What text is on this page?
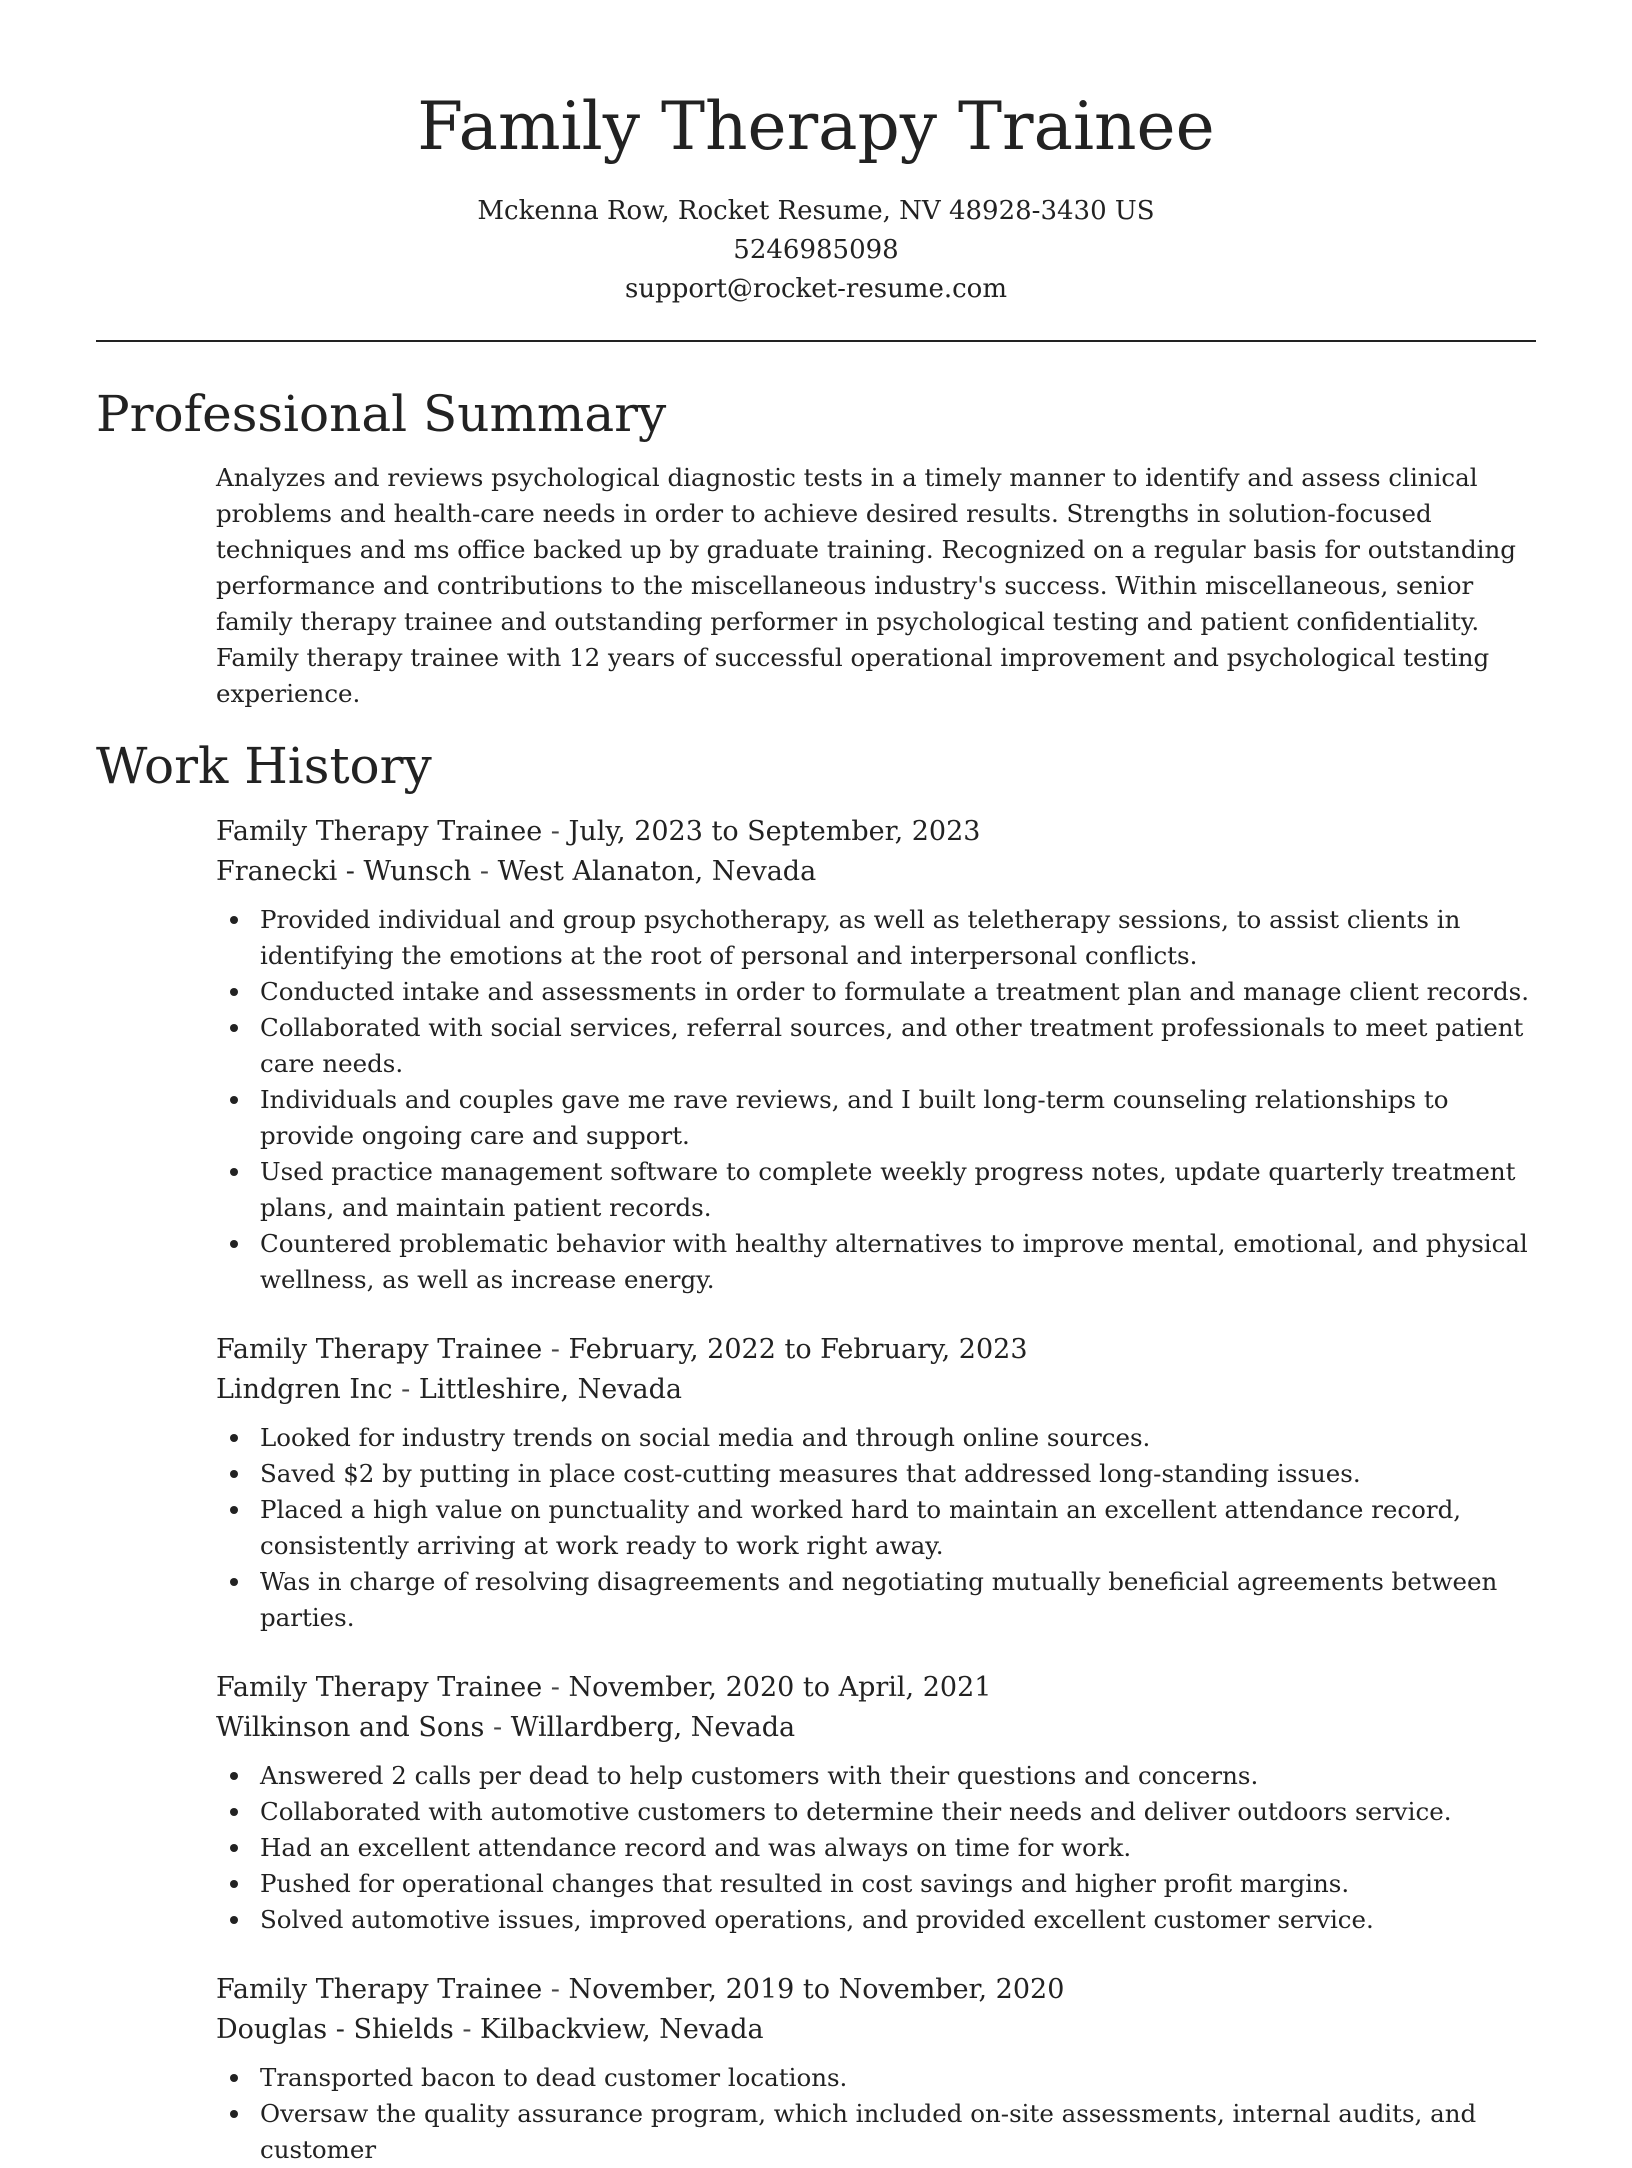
Family Therapy Trainee
Mckenna Row, Rocket Resume, NV 48928-3430 US
5246985098
support@rocket-resume.com
Professional Summary

Analyzes and reviews psychological diagnostic tests in a timely manner to identify and assess clinical problems and health-care needs in order to achieve desired results. Strengths in solution-focused techniques and ms office backed up by graduate training. Recognized on a regular basis for outstanding performance and contributions to the miscellaneous industry's success. Within miscellaneous, senior family therapy trainee and outstanding performer in psychological testing and patient confidentiality. Family therapy trainee with 12 years of successful operational improvement and psychological testing experience.

Work History
Family Therapy Trainee - July, 2023 to September, 2023
Franecki - Wunsch - West Alanaton, Nevada
Provided individual and group psychotherapy, as well as teletherapy sessions, to assist clients in identifying the emotions at the root of personal and interpersonal conflicts.
Conducted intake and assessments in order to formulate a treatment plan and manage client records.
Collaborated with social services, referral sources, and other treatment professionals to meet patient care needs.
Individuals and couples gave me rave reviews, and I built long-term counseling relationships to provide ongoing care and support.
Used practice management software to complete weekly progress notes, update quarterly treatment plans, and maintain patient records.
Countered problematic behavior with healthy alternatives to improve mental, emotional, and physical wellness, as well as increase energy.
Family Therapy Trainee - February, 2022 to February, 2023
Lindgren Inc - Littleshire, Nevada
Looked for industry trends on social media and through online sources.
Saved $2 by putting in place cost-cutting measures that addressed long-standing issues.
Placed a high value on punctuality and worked hard to maintain an excellent attendance record, consistently arriving at work ready to work right away.
Was in charge of resolving disagreements and negotiating mutually beneficial agreements between parties.
Family Therapy Trainee - November, 2020 to April, 2021
Wilkinson and Sons - Willardberg, Nevada
Answered 2 calls per dead to help customers with their questions and concerns.
Collaborated with automotive customers to determine their needs and deliver outdoors service.
Had an excellent attendance record and was always on time for work.
Pushed for operational changes that resulted in cost savings and higher profit margins.
Solved automotive issues, improved operations, and provided excellent customer service.
Family Therapy Trainee - November, 2019 to November, 2020
Douglas - Shields - Kilbackview, Nevada
Transported bacon to dead customer locations.
Oversaw the quality assurance program, which included on-site assessments, internal audits, and customer
